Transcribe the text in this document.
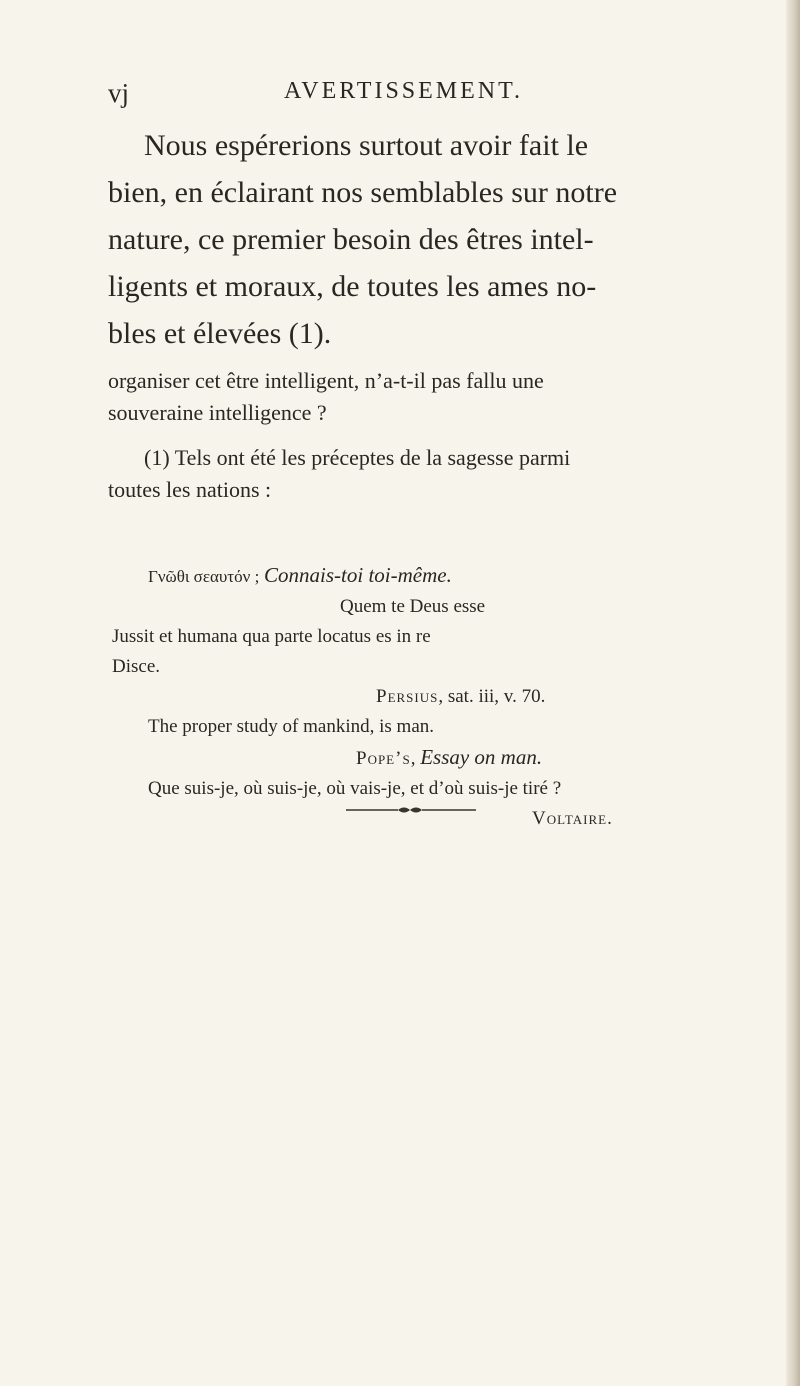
vj	AVERTISSEMENT.

Nous espérerions surtout avoir fait le
bien, en éclairant nos semblables sur notre
nature, ce premier besoin des êtres intel-
ligents et moraux, de toutes les ames no-
bles et élevées (1).

organiser cet être intelligent, n’a-t-il pas fallu une
souveraine intelligence ?

(1) Tels ont été les préceptes de la sagesse parmi
toutes les nations :

Γνῶθι σεαυτόν ; Connais-toi toi-même.
Quem te Deus esse
Jussit et humana qua parte locatus es in re
Disce.
Persius, sat. iii, v. 70.
The proper study of mankind, is man.
Pope’s, Essay on man.
Que suis-je, où suis-je, où vais-je, et d’où suis-je tiré ?
Voltaire.
